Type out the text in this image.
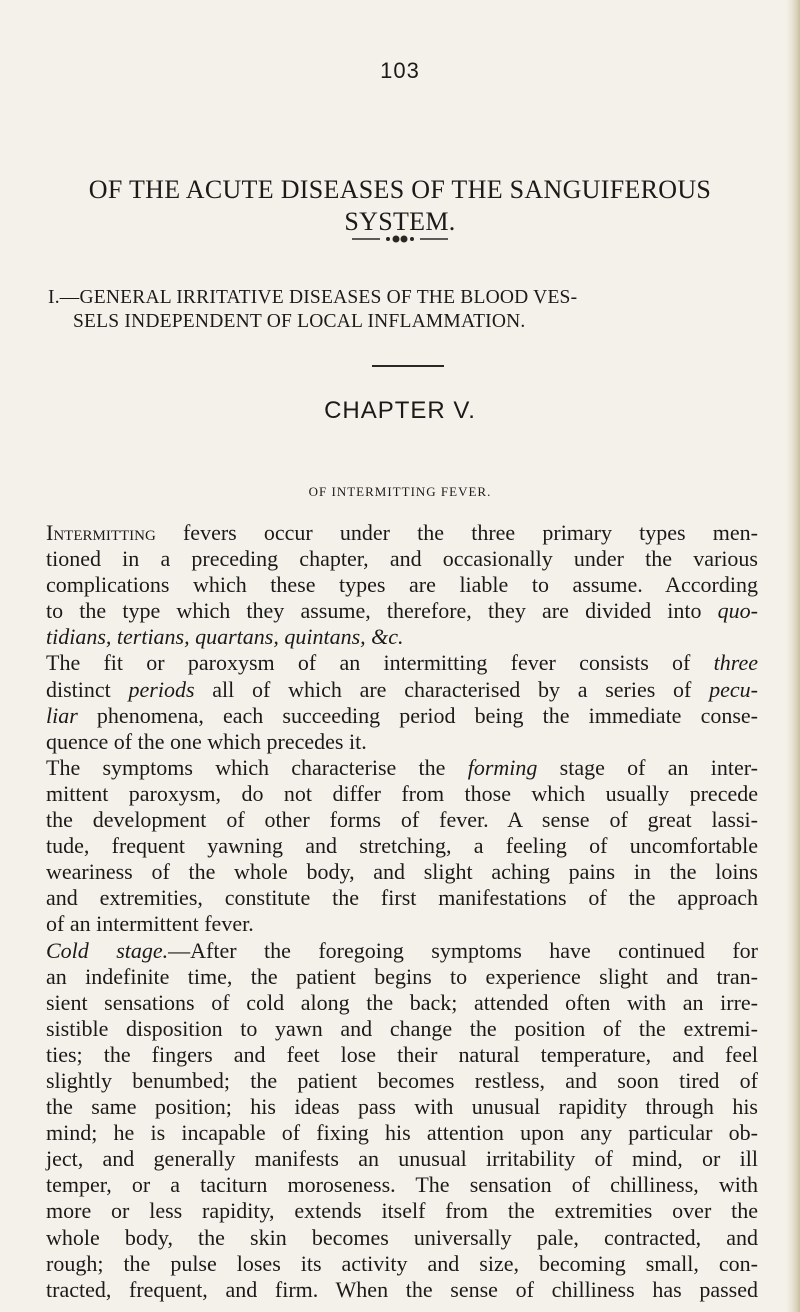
103
OF THE ACUTE DISEASES OF THE SANGUIFEROUS
SYSTEM.
I.—GENERAL IRRITATIVE DISEASES OF THE BLOOD VES-
SELS INDEPENDENT OF LOCAL INFLAMMATION.
CHAPTER V.
OF INTERMITTING FEVER.
Intermitting fevers occur under the three primary types men-
tioned in a preceding chapter, and occasionally under the various
complications which these types are liable to assume. According
to the type which they assume, therefore, they are divided into quo-
tidians, tertians, quartans, quintans, &c.
The fit or paroxysm of an intermitting fever consists of three
distinct periods all of which are characterised by a series of pecu-
liar phenomena, each succeeding period being the immediate conse-
quence of the one which precedes it.
The symptoms which characterise the forming stage of an inter-
mittent paroxysm, do not differ from those which usually precede
the development of other forms of fever. A sense of great lassi-
tude, frequent yawning and stretching, a feeling of uncomfortable
weariness of the whole body, and slight aching pains in the loins
and extremities, constitute the first manifestations of the approach
of an intermittent fever.
Cold stage.—After the foregoing symptoms have continued for
an indefinite time, the patient begins to experience slight and tran-
sient sensations of cold along the back; attended often with an irre-
sistible disposition to yawn and change the position of the extremi-
ties; the fingers and feet lose their natural temperature, and feel
slightly benumbed; the patient becomes restless, and soon tired of
the same position; his ideas pass with unusual rapidity through his
mind; he is incapable of fixing his attention upon any particular ob-
ject, and generally manifests an unusual irritability of mind, or ill
temper, or a taciturn moroseness. The sensation of chilliness, with
more or less rapidity, extends itself from the extremities over the
whole body, the skin becomes universally pale, contracted, and
rough; the pulse loses its activity and size, becoming small, con-
tracted, frequent, and firm. When the sense of chilliness has passed
